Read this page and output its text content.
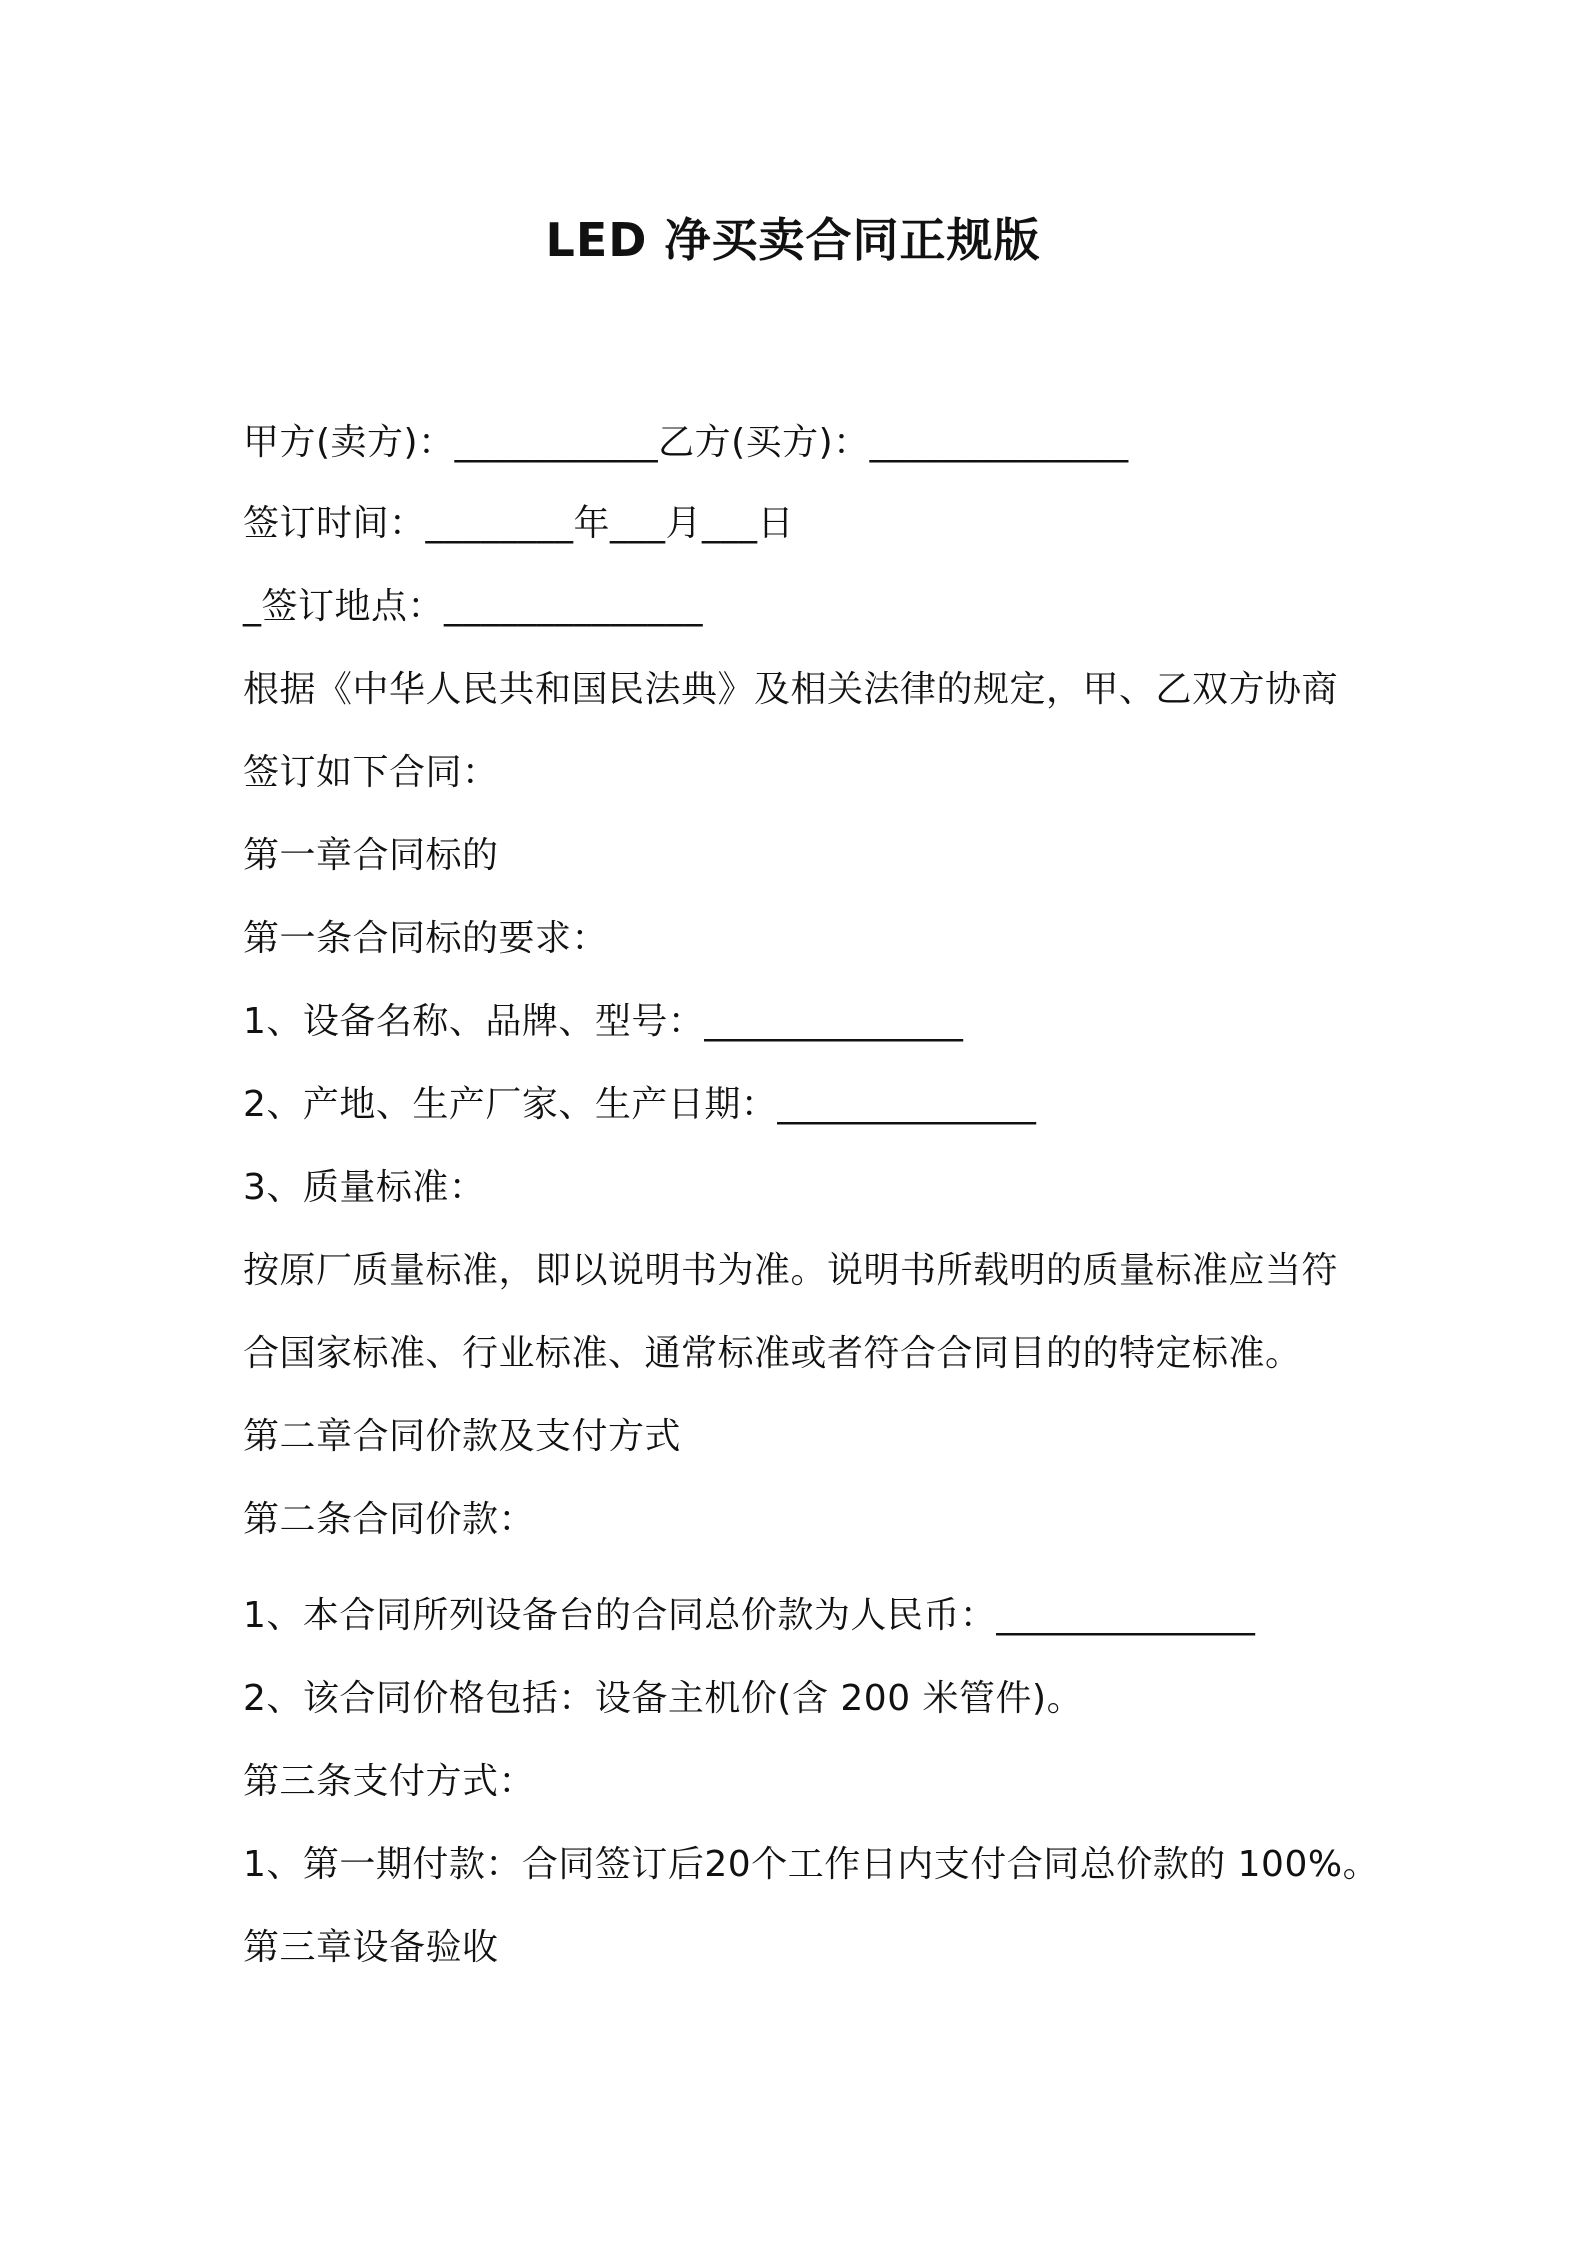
LED 净买卖合同正规版
甲方(卖方)：___________乙方(买方)：______________
签订时间：________年___月___日
_签订地点：______________
根据《中华人民共和国民法典》及相关法律的规定，甲、乙双方协商
签订如下合同：
第一章合同标的
第一条合同标的要求：
1、设备名称、品牌、型号：______________
2、产地、生产厂家、生产日期：______________
3、质量标准：
按原厂质量标准，即以说明书为准。说明书所载明的质量标准应当符
合国家标准、行业标准、通常标准或者符合合同目的的特定标准。
第二章合同价款及支付方式
第二条合同价款：
1、本合同所列设备台的合同总价款为人民币：______________
2、该合同价格包括：设备主机价(含 200 米管件)。
第三条支付方式：
1、第一期付款：合同签订后20个工作日内支付合同总价款的 100%。
第三章设备验收
